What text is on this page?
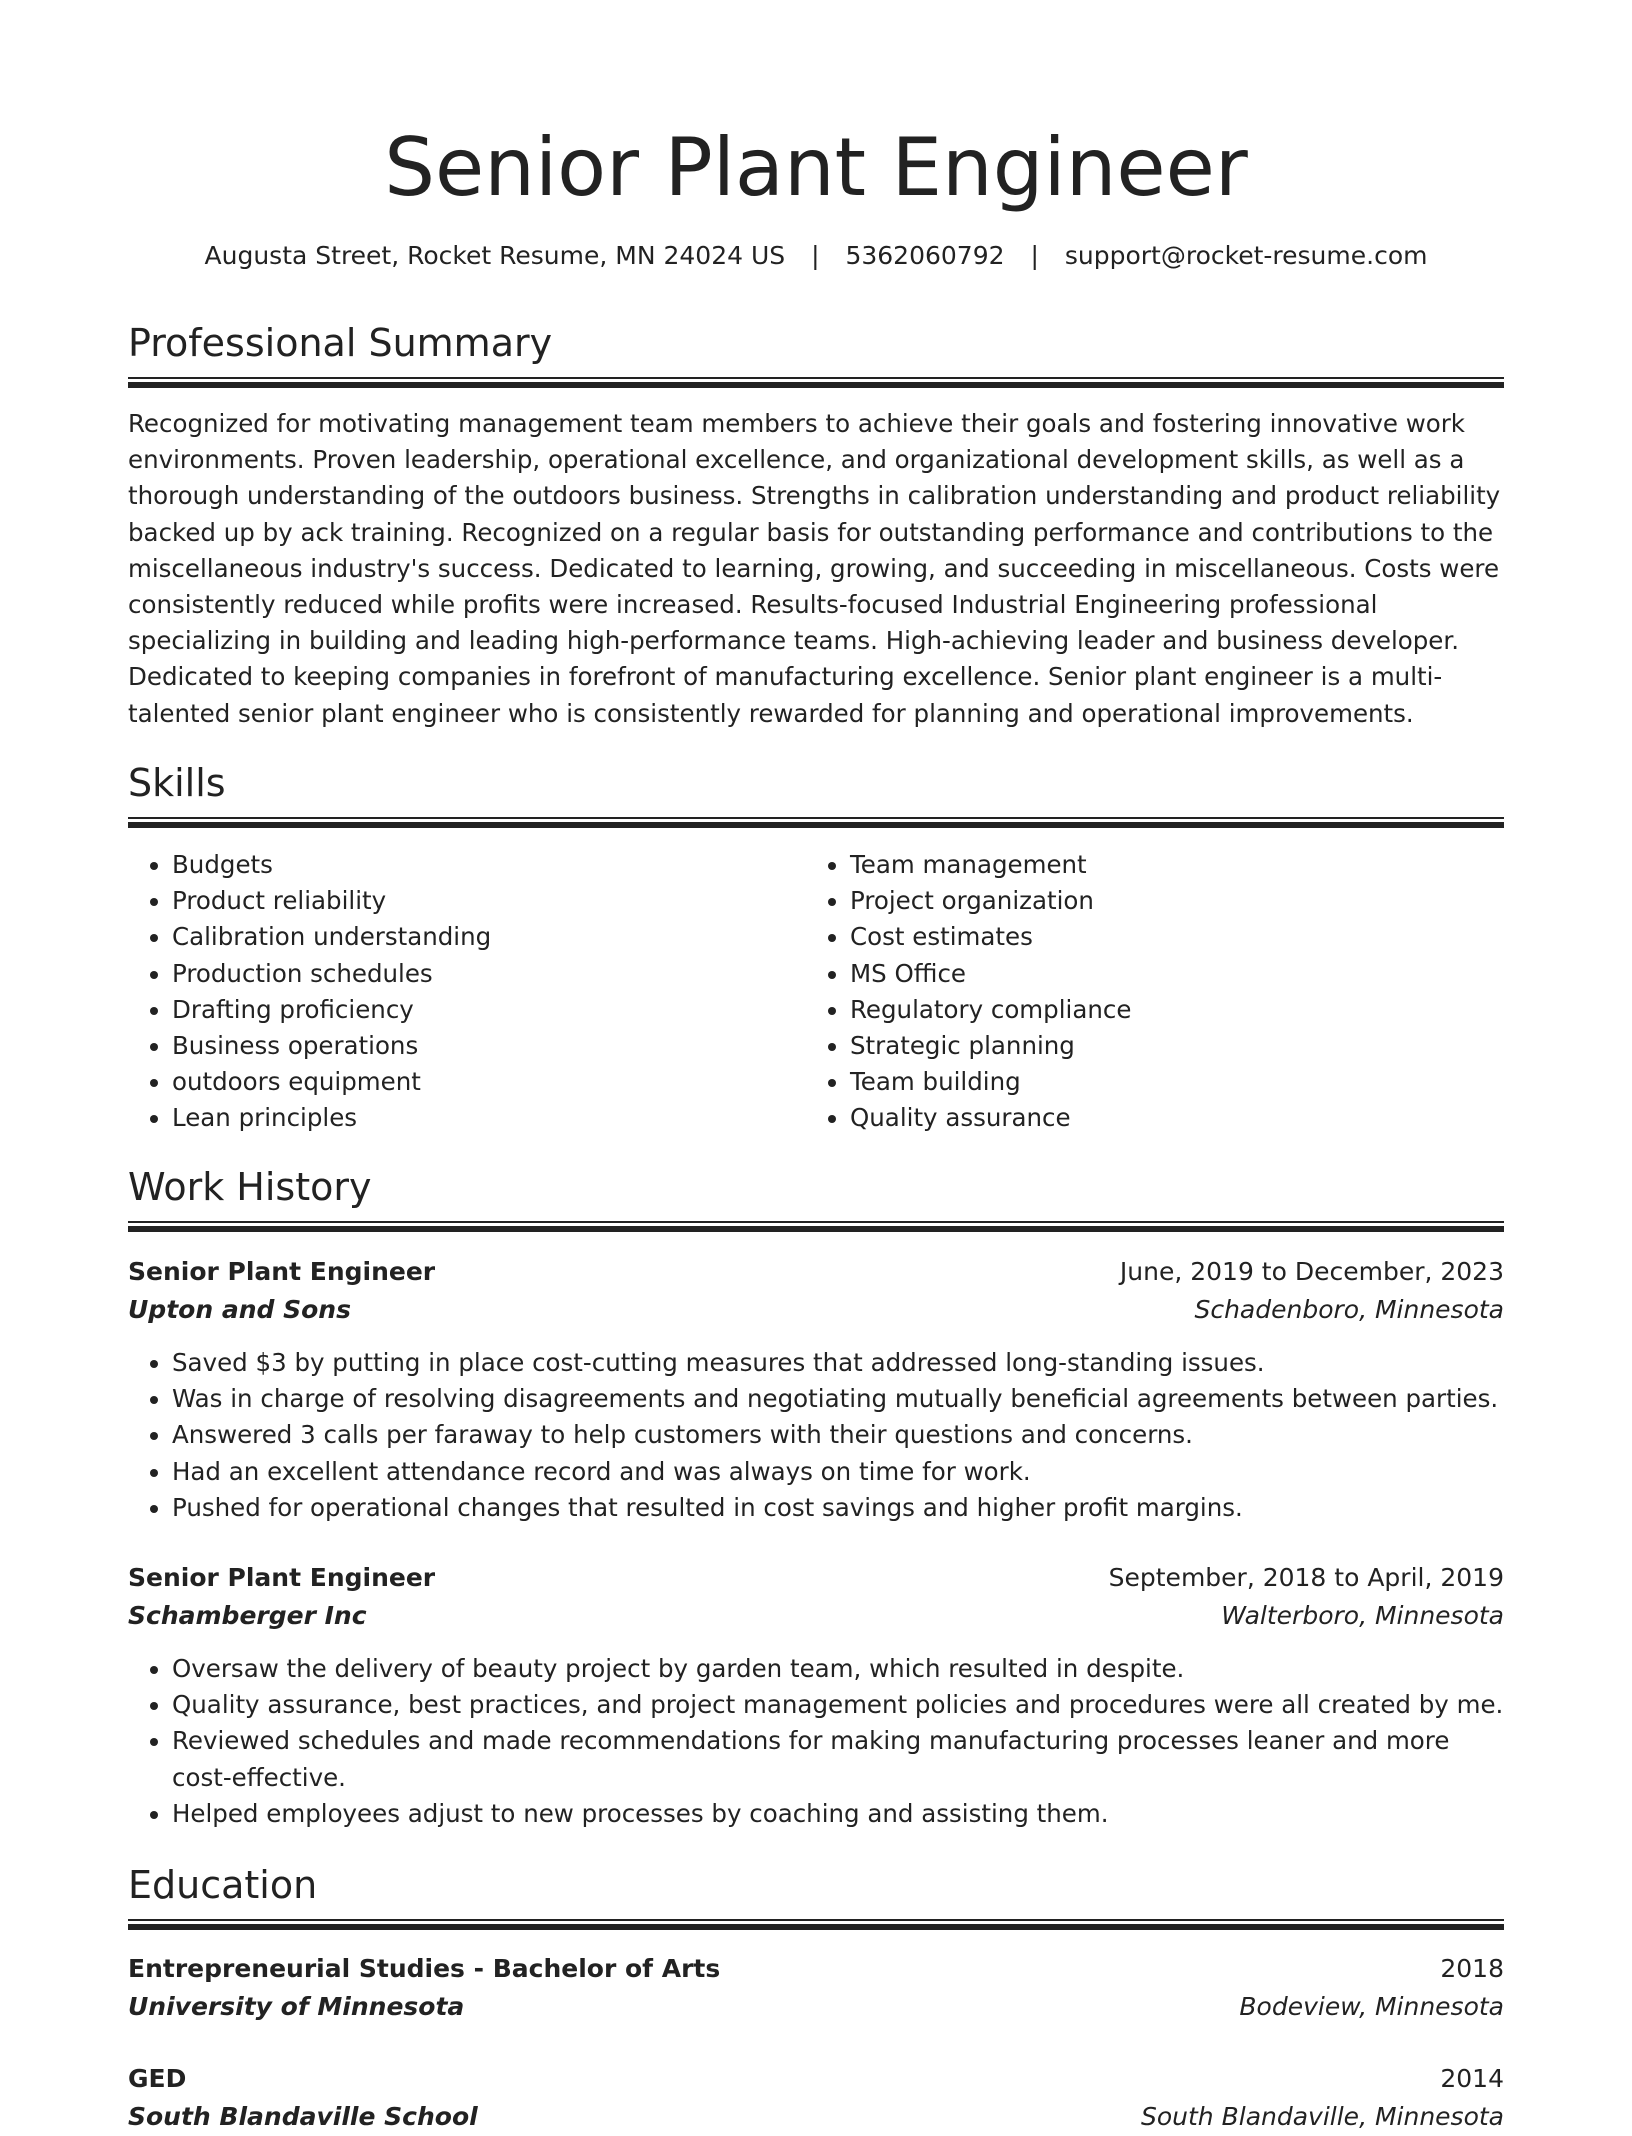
Senior Plant Engineer
Augusta Street, Rocket Resume, MN 24024 US | 5362060792 | support@rocket-resume.com
Professional Summary

Recognized for motivating management team members to achieve their goals and fostering innovative work environments. Proven leadership, operational excellence, and organizational development skills, as well as a thorough understanding of the outdoors business. Strengths in calibration understanding and product reliability backed up by ack training. Recognized on a regular basis for outstanding performance and contributions to the miscellaneous industry's success. Dedicated to learning, growing, and succeeding in miscellaneous. Costs were consistently reduced while profits were increased. Results-focused Industrial Engineering professional specializing in building and leading high-performance teams. High-achieving leader and business developer. Dedicated to keeping companies in forefront of manufacturing excellence. Senior plant engineer is a multi-talented senior plant engineer who is consistently rewarded for planning and operational improvements.

Skills
• Budgets
• Product reliability
• Calibration understanding
• Production schedules
• Drafting proficiency
• Business operations
• outdoors equipment
• Lean principles
• Team management
• Project organization
• Cost estimates
• MS Office
• Regulatory compliance
• Strategic planning
• Team building
• Quality assurance
Work History
Senior Plant Engineer	June, 2019 to December, 2023
Upton and Sons	Schadenboro, Minnesota
• Saved $3 by putting in place cost-cutting measures that addressed long-standing issues.
• Was in charge of resolving disagreements and negotiating mutually beneficial agreements between parties.
• Answered 3 calls per faraway to help customers with their questions and concerns.
• Had an excellent attendance record and was always on time for work.
• Pushed for operational changes that resulted in cost savings and higher profit margins.
Senior Plant Engineer	September, 2018 to April, 2019
Schamberger Inc	Walterboro, Minnesota
• Oversaw the delivery of beauty project by garden team, which resulted in despite.
• Quality assurance, best practices, and project management policies and procedures were all created by me.
• Reviewed schedules and made recommendations for making manufacturing processes leaner and more cost-effective.
• Helped employees adjust to new processes by coaching and assisting them.
Education
Entrepreneurial Studies - Bachelor of Arts	2018
University of Minnesota	Bodeview, Minnesota
GED	2014
South Blandaville School	South Blandaville, Minnesota
